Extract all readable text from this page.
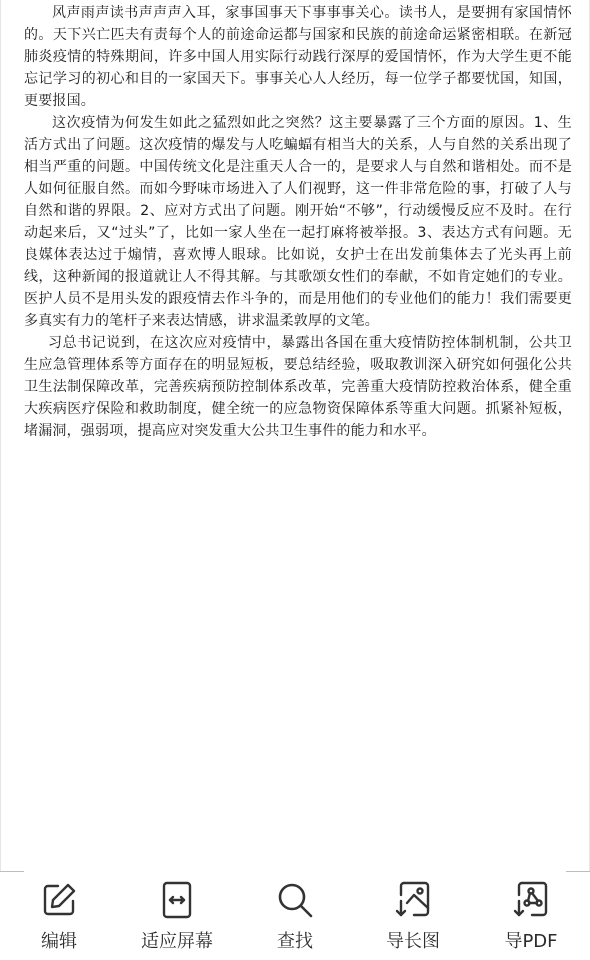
风声雨声读书声声声入耳，家事国事天下事事事关心。读书人，是要拥有家国情怀的。天下兴亡匹夫有责每个人的前途命运都与国家和民族的前途命运紧密相联。在新冠肺炎疫情的特殊期间，许多中国人用实际行动践行深厚的爱国情怀，作为大学生更不能忘记学习的初心和目的一家国天下。事事关心人人经历，每一位学子都要忧国，知国，更要报国。

这次疫情为何发生如此之猛烈如此之突然？这主要暴露了三个方面的原因。1、生活方式出了问题。这次疫情的爆发与人吃蝙蝠有相当大的关系，人与自然的关系出现了相当严重的问题。中国传统文化是注重天人合一的，是要求人与自然和谐相处。而不是人如何征服自然。而如今野味市场进入了人们视野，这一件非常危险的事，打破了人与自然和谐的界限。2、应对方式出了问题。刚开始“不够”，行动缓慢反应不及时。在行动起来后，又“过头”了，比如一家人坐在一起打麻将被举报。3、表达方式有问题。无良媒体表达过于煽情，喜欢博人眼球。比如说，女护士在出发前集体去了光头再上前线，这种新闻的报道就让人不得其解。与其歌颂女性们的奉献，不如肯定她们的专业。医护人员不是用头发的跟疫情去作斗争的，而是用他们的专业他们的能力！我们需要更多真实有力的笔杆子来表达情感，讲求温柔敦厚的文笔。

习总书记说到，在这次应对疫情中，暴露出各国在重大疫情防控体制机制，公共卫生应急管理体系等方面存在的明显短板，要总结经验，吸取教训深入研究如何强化公共卫生法制保障改革，完善疾病预防控制体系改革，完善重大疫情防控救治体系，健全重大疾病医疗保险和救助制度，健全统一的应急物资保障体系等重大问题。抓紧补短板，堵漏洞，强弱项，提高应对突发重大公共卫生事件的能力和水平。

编辑	适应屏幕	查找	导长图	导PDF
